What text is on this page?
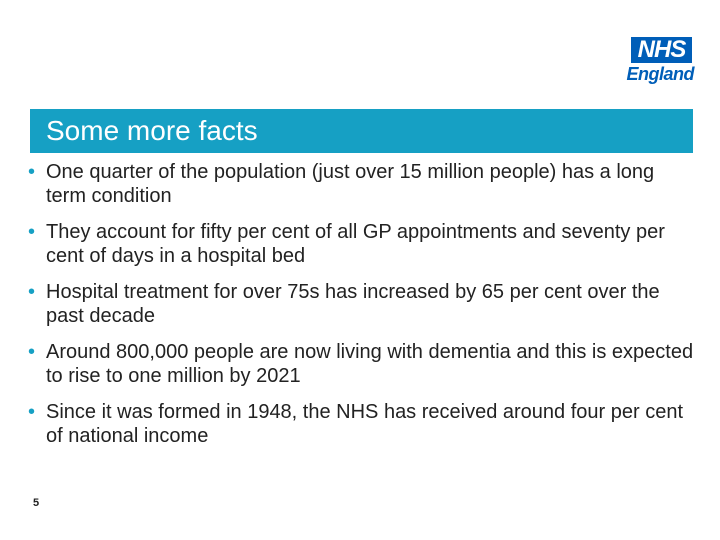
NHS
England
Some more facts
• One quarter of the population (just over 15 million people) has a long term condition
• They account for fifty per cent of all GP appointments and seventy per cent of days in a hospital bed
• Hospital treatment for over 75s has increased by 65 per cent over the past decade
• Around 800,000 people are now living with dementia and this is expected to rise to one million by 2021
• Since it was formed in 1948, the NHS has received around four per cent of national income
5
